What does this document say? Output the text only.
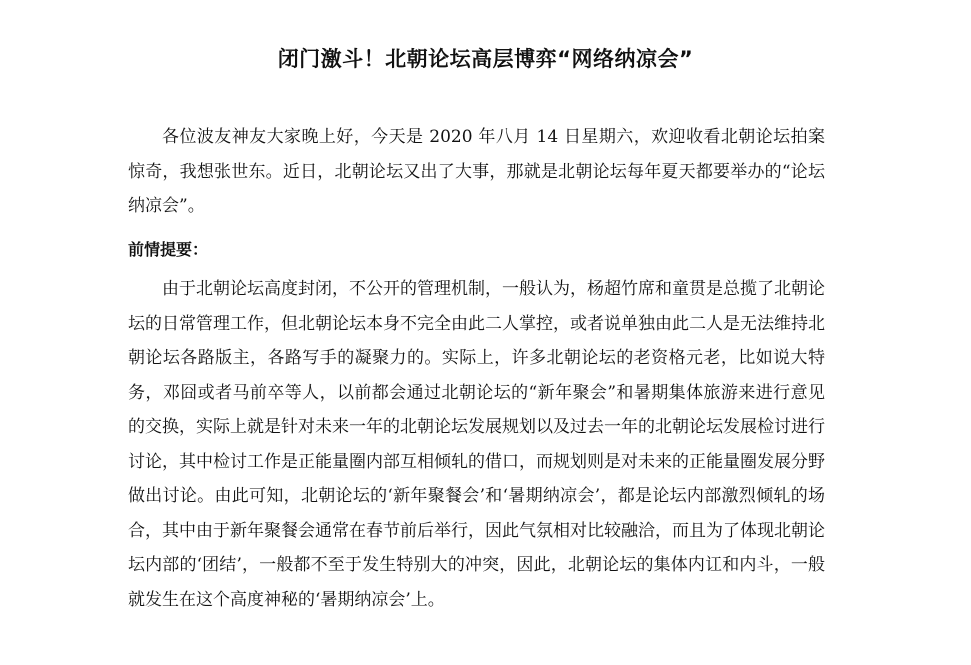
闭门激斗！北朝论坛高层博弈“网络纳凉会”

各位波友神友大家晚上好，今天是 2020 年八月 14 日星期六，欢迎收看北朝论坛拍案惊奇，我想张世东。近日，北朝论坛又出了大事，那就是北朝论坛每年夏天都要举办的“论坛纳凉会”。

前情提要：

由于北朝论坛高度封闭，不公开的管理机制，一般认为，杨超竹席和童贯是总揽了北朝论坛的日常管理工作，但北朝论坛本身不完全由此二人掌控，或者说单独由此二人是无法维持北朝论坛各路版主，各路写手的凝聚力的。实际上，许多北朝论坛的老资格元老，比如说大特务，邓囧或者马前卒等人，以前都会通过北朝论坛的“新年聚会”和暑期集体旅游来进行意见的交换，实际上就是针对未来一年的北朝论坛发展规划以及过去一年的北朝论坛发展检讨进行讨论，其中检讨工作是正能量圈内部互相倾轧的借口，而规划则是对未来的正能量圈发展分野做出讨论。由此可知，北朝论坛的‘新年聚餐会’和‘暑期纳凉会’，都是论坛内部激烈倾轧的场合，其中由于新年聚餐会通常在春节前后举行，因此气氛相对比较融洽，而且为了体现北朝论坛内部的‘团结’，一般都不至于发生特别大的冲突，因此，北朝论坛的集体内讧和内斗，一般就发生在这个高度神秘的‘暑期纳凉会’上。
